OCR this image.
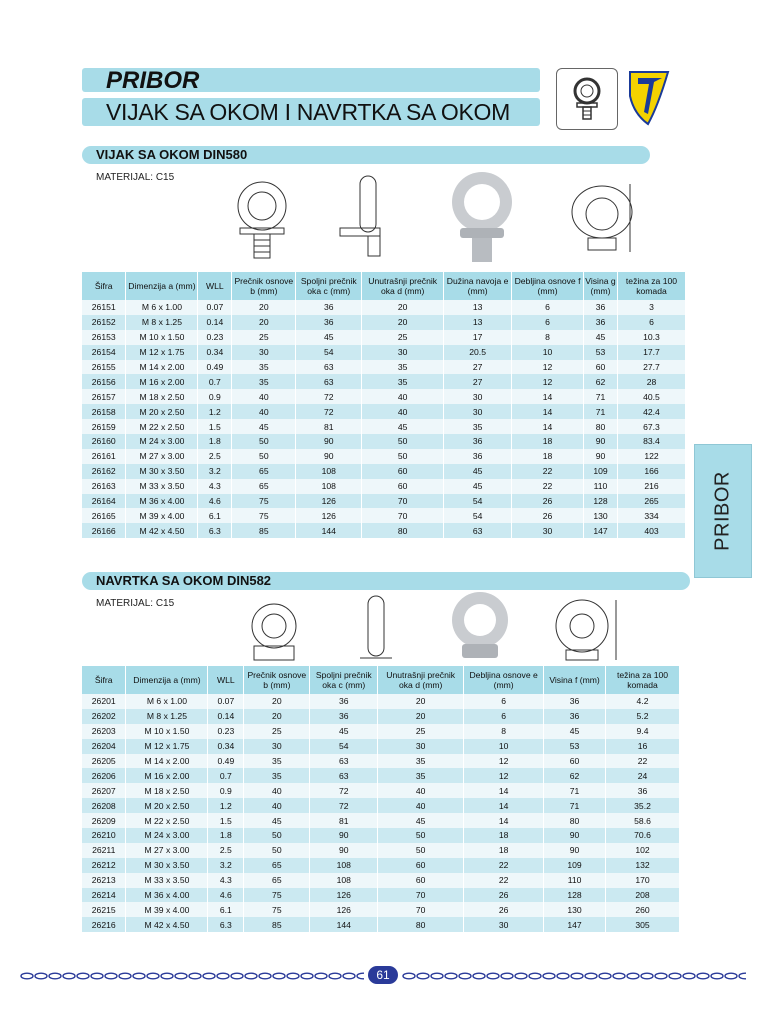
PRIBOR
VIJAK SA OKOM I NAVRTKA SA OKOM
VIJAK SA OKOM DIN580
MATERIJAL: C15
Šifra	Dimenzija a (mm)	WLL	Prečnik osnove b (mm)	Spoljni prečnik oka c (mm)	Unutrašnji prečnik oka d (mm)	Dužina navoja e (mm)	Debljina osnove f (mm)	Visina g (mm)	težina za 100 komada
26151	M 6 x 1.00	0.07	20	36	20	13	6	36	3
26152	M 8 x 1.25	0.14	20	36	20	13	6	36	6
26153	M 10 x 1.50	0.23	25	45	25	17	8	45	10.3
26154	M 12 x 1.75	0.34	30	54	30	20.5	10	53	17.7
26155	M 14 x 2.00	0.49	35	63	35	27	12	60	27.7
26156	M 16 x 2.00	0.7	35	63	35	27	12	62	28
26157	M 18 x 2.50	0.9	40	72	40	30	14	71	40.5
26158	M 20 x 2.50	1.2	40	72	40	30	14	71	42.4
26159	M 22 x 2.50	1.5	45	81	45	35	14	80	67.3
26160	M 24 x 3.00	1.8	50	90	50	36	18	90	83.4
26161	M 27 x 3.00	2.5	50	90	50	36	18	90	122
26162	M 30 x 3.50	3.2	65	108	60	45	22	109	166
26163	M 33 x 3.50	4.3	65	108	60	45	22	110	216
26164	M 36 x 4.00	4.6	75	126	70	54	26	128	265
26165	M 39 x 4.00	6.1	75	126	70	54	26	130	334
26166	M 42 x 4.50	6.3	85	144	80	63	30	147	403
NAVRTKA SA OKOM DIN582
MATERIJAL: C15
Šifra	Dimenzija a (mm)	WLL	Prečnik osnove b (mm)	Spoljni prečnik oka c (mm)	Unutrašnji prečnik oka d (mm)	Debljina osnove e (mm)	Visina f (mm)	težina za 100 komada
26201	M 6 x 1.00	0.07	20	36	20	6	36	4.2
26202	M 8 x 1.25	0.14	20	36	20	6	36	5.2
26203	M 10 x 1.50	0.23	25	45	25	8	45	9.4
26204	M 12 x 1.75	0.34	30	54	30	10	53	16
26205	M 14 x 2.00	0.49	35	63	35	12	60	22
26206	M 16 x 2.00	0.7	35	63	35	12	62	24
26207	M 18 x 2.50	0.9	40	72	40	14	71	36
26208	M 20 x 2.50	1.2	40	72	40	14	71	35.2
26209	M 22 x 2.50	1.5	45	81	45	14	80	58.6
26210	M 24 x 3.00	1.8	50	90	50	18	90	70.6
26211	M 27 x 3.00	2.5	50	90	50	18	90	102
26212	M 30 x 3.50	3.2	65	108	60	22	109	132
26213	M 33 x 3.50	4.3	65	108	60	22	110	170
26214	M 36 x 4.00	4.6	75	126	70	26	128	208
26215	M 39 x 4.00	6.1	75	126	70	26	130	260
26216	M 42 x 4.50	6.3	85	144	80	30	147	305
PRIBOR
61
